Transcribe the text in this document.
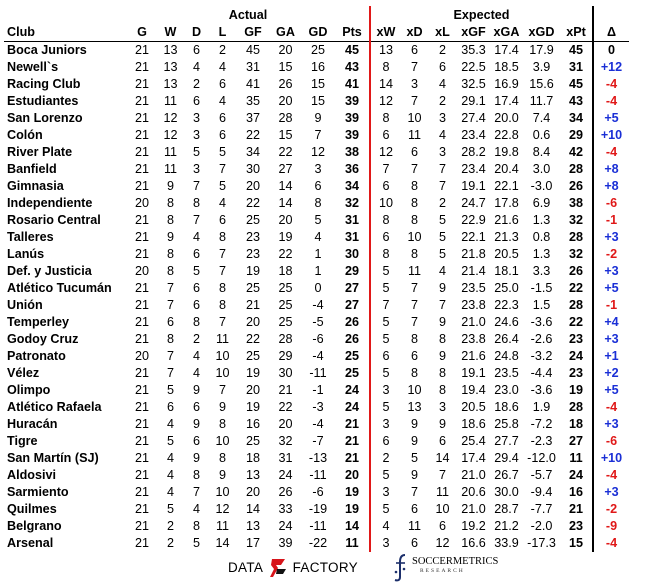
	Actual								Expected							
Club	G	W	D	L	GF	GA	GD	Pts	xW	xD	xL	xGF	xGA	xGD	xPt	Δ
Boca Juniors	21	13	6	2	45	20	25	45	13	6	2	35.3	17.4	17.9	45	0
Newell`s	21	13	4	4	31	15	16	43	8	7	6	22.5	18.5	3.9	31	+12
Racing Club	21	13	2	6	41	26	15	41	14	3	4	32.5	16.9	15.6	45	-4
Estudiantes	21	11	6	4	35	20	15	39	12	7	2	29.1	17.4	11.7	43	-4
San Lorenzo	21	12	3	6	37	28	9	39	8	10	3	27.4	20.0	7.4	34	+5
Colón	21	12	3	6	22	15	7	39	6	11	4	23.4	22.8	0.6	29	+10
River Plate	21	11	5	5	34	22	12	38	12	6	3	28.2	19.8	8.4	42	-4
Banfield	21	11	3	7	30	27	3	36	7	7	7	23.4	20.4	3.0	28	+8
Gimnasia	21	9	7	5	20	14	6	34	6	8	7	19.1	22.1	-3.0	26	+8
Independiente	20	8	8	4	22	14	8	32	10	8	2	24.7	17.8	6.9	38	-6
Rosario Central	21	8	7	6	25	20	5	31	8	8	5	22.9	21.6	1.3	32	-1
Talleres	21	9	4	8	23	19	4	31	6	10	5	22.1	21.3	0.8	28	+3
Lanús	21	8	6	7	23	22	1	30	8	8	5	21.8	20.5	1.3	32	-2
Def. y Justicia	20	8	5	7	19	18	1	29	5	11	4	21.4	18.1	3.3	26	+3
Atlético Tucumán	21	7	6	8	25	25	0	27	5	7	9	23.5	25.0	-1.5	22	+5
Unión	21	7	6	8	21	25	-4	27	7	7	7	23.8	22.3	1.5	28	-1
Temperley	21	6	8	7	20	25	-5	26	5	7	9	21.0	24.6	-3.6	22	+4
Godoy Cruz	21	8	2	11	22	28	-6	26	5	8	8	23.8	26.4	-2.6	23	+3
Patronato	20	7	4	10	25	29	-4	25	6	6	9	21.6	24.8	-3.2	24	+1
Vélez	21	7	4	10	19	30	-11	25	5	8	8	19.1	23.5	-4.4	23	+2
Olimpo	21	5	9	7	20	21	-1	24	3	10	8	19.4	23.0	-3.6	19	+5
Atlético Rafaela	21	6	6	9	19	22	-3	24	5	13	3	20.5	18.6	1.9	28	-4
Huracán	21	4	9	8	16	20	-4	21	3	9	9	18.6	25.8	-7.2	18	+3
Tigre	21	5	6	10	25	32	-7	21	6	9	6	25.4	27.7	-2.3	27	-6
San Martín (SJ)	21	4	9	8	18	31	-13	21	2	5	14	17.4	29.4	-12.0	11	+10
Aldosivi	21	4	8	9	13	24	-11	20	5	9	7	21.0	26.7	-5.7	24	-4
Sarmiento	21	4	7	10	20	26	-6	19	3	7	11	20.6	30.0	-9.4	16	+3
Quilmes	21	5	4	12	14	33	-19	19	5	6	10	21.0	28.7	-7.7	21	-2
Belgrano	21	2	8	11	13	24	-11	14	4	11	6	19.2	21.2	-2.0	23	-9
Arsenal	21	2	5	14	17	39	-22	11	3	6	12	16.6	33.9	-17.3	15	-4
DATA FACTORY	SOCCERMETRICS
RESEARCH
